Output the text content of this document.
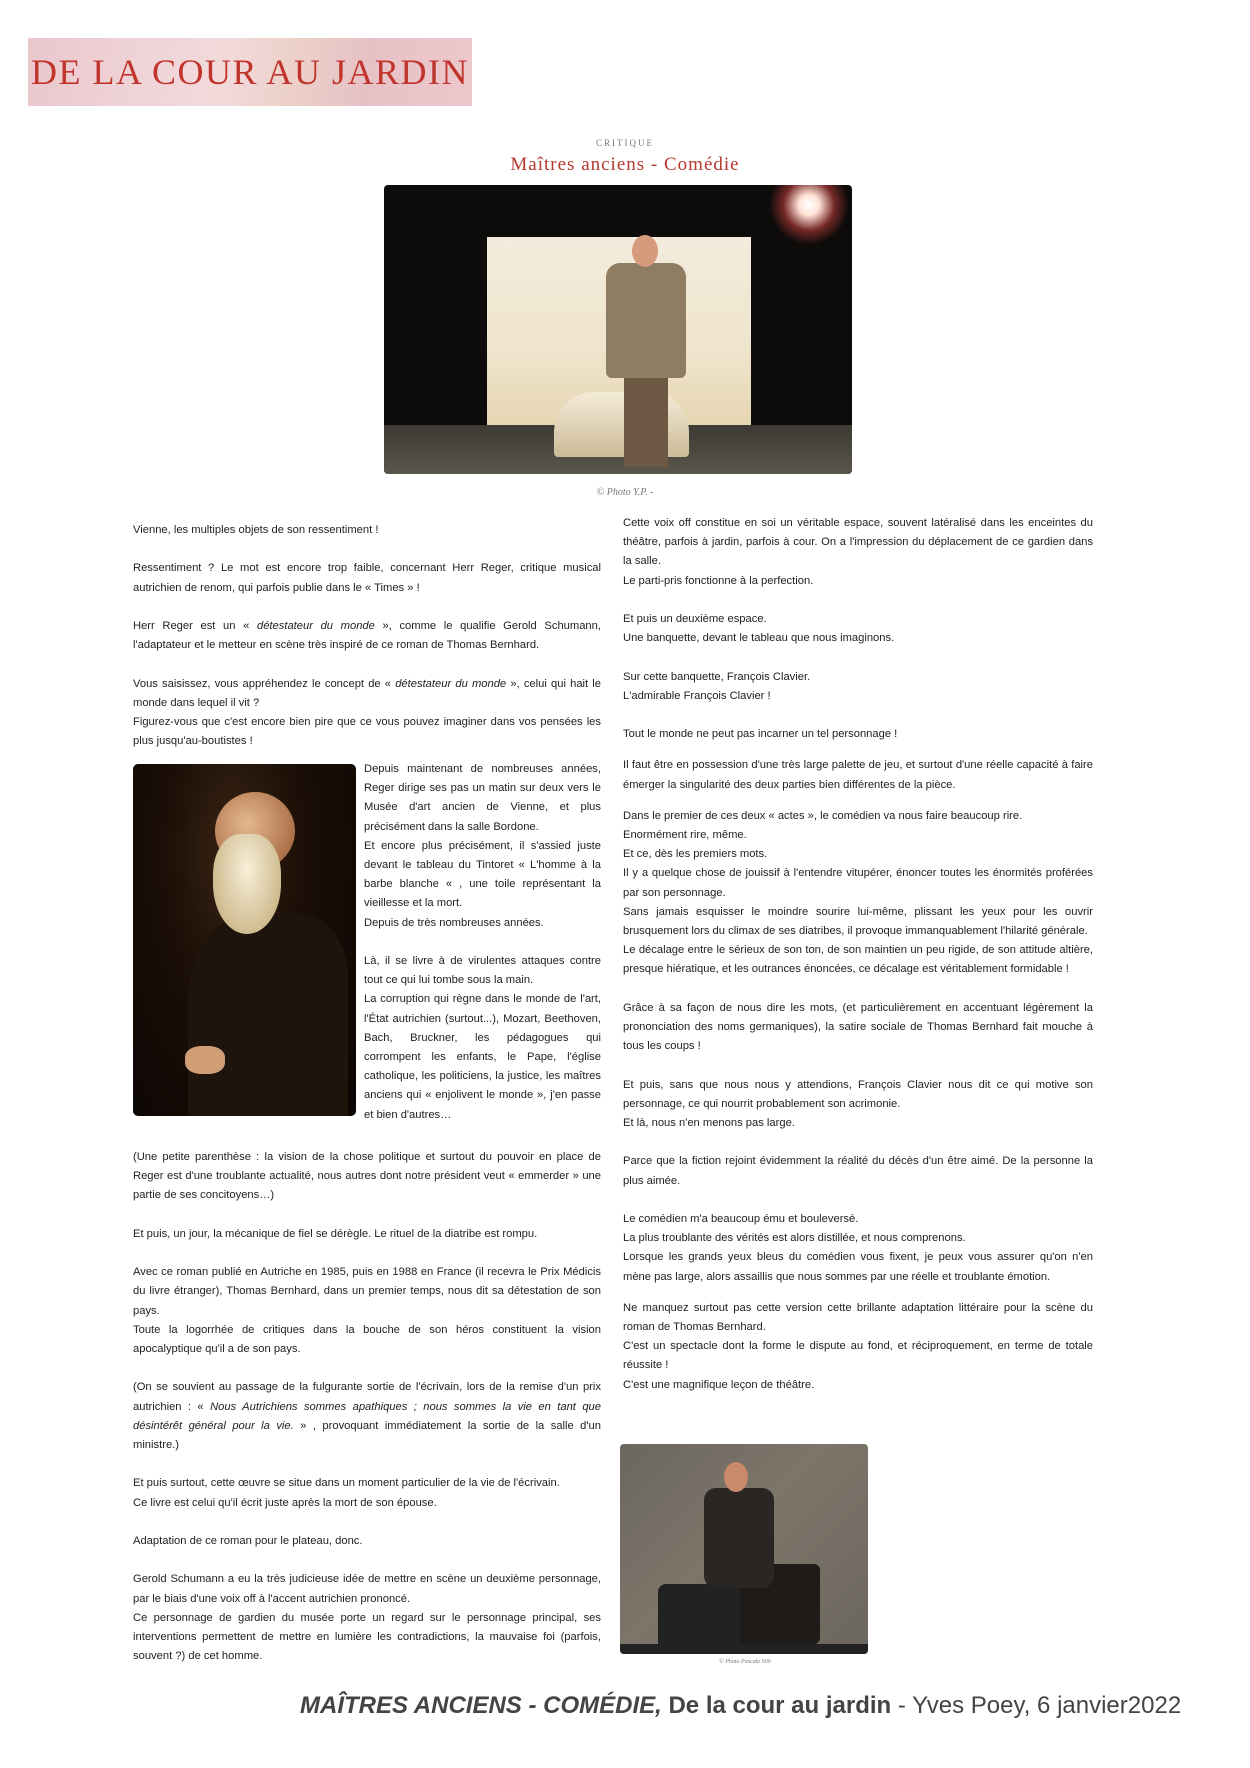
DE LA COUR AU JARDIN
CRITIQUE
Maîtres anciens - Comédie
© Photo Y.P. -

Vienne, les multiples objets de son ressentiment !

Ressentiment ? Le mot est encore trop faible, concernant Herr Reger, critique musical autrichien de renom, qui parfois publie dans le « Times » !

Herr Reger est un « détestateur du monde », comme le qualifie Gerold Schumann, l'adaptateur et le metteur en scène très inspiré de ce roman de Thomas Bernhard.

Vous saisissez, vous appréhendez le concept de « détestateur du monde », celui qui hait le monde dans lequel il vit ?
Figurez-vous que c'est encore bien pire que ce vous pouvez imaginer dans vos pensées les plus jusqu'au-boutistes !

Depuis maintenant de nombreuses années, Reger dirige ses pas un matin sur deux vers le Musée d'art ancien de Vienne, et plus précisément dans la salle Bordone.
Et encore plus précisément, il s'assied juste devant le tableau du Tintoret « L'homme à la barbe blanche « , une toile représentant la vieillesse et la mort.
Depuis de très nombreuses années.

Là, il se livre à de virulentes attaques contre tout ce qui lui tombe sous la main.
La corruption qui règne dans le monde de l'art, l'État autrichien (surtout...), Mozart, Beethoven, Bach, Bruckner, les pédagogues qui corrompent les enfants, le Pape, l'église catholique, les politiciens, la justice, les maîtres anciens qui « enjolivent le monde », j'en passe et bien d'autres…

(Une petite parenthèse : la vision de la chose politique et surtout du pouvoir en place de Reger est d'une troublante actualité, nous autres dont notre président veut « emmerder » une partie de ses concitoyens…)

Et puis, un jour, la mécanique de fiel se dérègle. Le rituel de la diatribe est rompu.

Avec ce roman publié en Autriche en 1985, puis en 1988 en France (il recevra le Prix Médicis du livre étranger), Thomas Bernhard, dans un premier temps, nous dit sa détestation de son pays.
Toute la logorrhée de critiques dans la bouche de son héros constituent la vision apocalyptique qu'il a de son pays.

(On se souvient au passage de la fulgurante sortie de l'écrivain, lors de la remise d'un prix autrichien : « Nous Autrichiens sommes apathiques ; nous sommes la vie en tant que désintérêt général pour la vie. » , provoquant immédiatement la sortie de la salle d'un ministre.)

Et puis surtout, cette œuvre se situe dans un moment particulier de la vie de l'écrivain.
Ce livre est celui qu'il écrit juste après la mort de son épouse.

Adaptation de ce roman pour le plateau, donc.

Gerold Schumann a eu la très judicieuse idée de mettre en scène un deuxième personnage, par le biais d'une voix off à l'accent autrichien prononcé.
Ce personnage de gardien du musée porte un regard sur le personnage principal, ses interventions permettent de mettre en lumière les contradictions, la mauvaise foi (parfois, souvent ?) de cet homme.

Cette voix off constitue en soi un véritable espace, souvent latéralisé dans les enceintes du théâtre, parfois à jardin, parfois à cour. On a l'impression du déplacement de ce gardien dans la salle.
Le parti-pris fonctionne à la perfection.

Et puis un deuxième espace.
Une banquette, devant le tableau que nous imaginons.

Sur cette banquette, François Clavier.
L'admirable François Clavier !

Tout le monde ne peut pas incarner un tel personnage !

Il faut être en possession d'une très large palette de jeu, et surtout d'une réelle capacité à faire émerger la singularité des deux parties bien différentes de la pièce.

Dans le premier de ces deux « actes », le comédien va nous faire beaucoup rire.
Enormément rire, même.
Et ce, dès les premiers mots.
Il y a quelque chose de jouissif à l'entendre vitupérer, énoncer toutes les énormités proférées par son personnage.
Sans jamais esquisser le moindre sourire lui-même, plissant les yeux pour les ouvrir brusquement lors du climax de ses diatribes, il provoque immanquablement l'hilarité générale.
Le décalage entre le sérieux de son ton, de son maintien un peu rigide, de son attitude altière, presque hiératique, et les outrances énoncées, ce décalage est véritablement formidable !

Grâce à sa façon de nous dire les mots, (et particulièrement en accentuant légèrement la prononciation des noms germaniques), la satire sociale de Thomas Bernhard fait mouche à tous les coups !

Et puis, sans que nous nous y attendions, François Clavier nous dit ce qui motive son personnage, ce qui nourrit probablement son acrimonie.
Et là, nous n'en menons pas large.

Parce que la fiction rejoint évidemment la réalité du décès d'un être aimé. De la personne la plus aimée.

Le comédien m'a beaucoup ému et bouleversé.
La plus troublante des vérités est alors distillée, et nous comprenons.
Lorsque les grands yeux bleus du comédien vous fixent, je peux vous assurer qu'on n'en mène pas large, alors assaillis que nous sommes par une réelle et troublante émotion.

Ne manquez surtout pas cette version cette brillante adaptation littéraire pour la scène du roman de Thomas Bernhard.
C'est un spectacle dont la forme le dispute au fond, et réciproquement, en terme de totale réussite !
C'est une magnifique leçon de théâtre.

© Photo Pascale Stih
MAÎTRES ANCIENS - COMÉDIE, De la cour au jardin - Yves Poey, 6 janvier2022
